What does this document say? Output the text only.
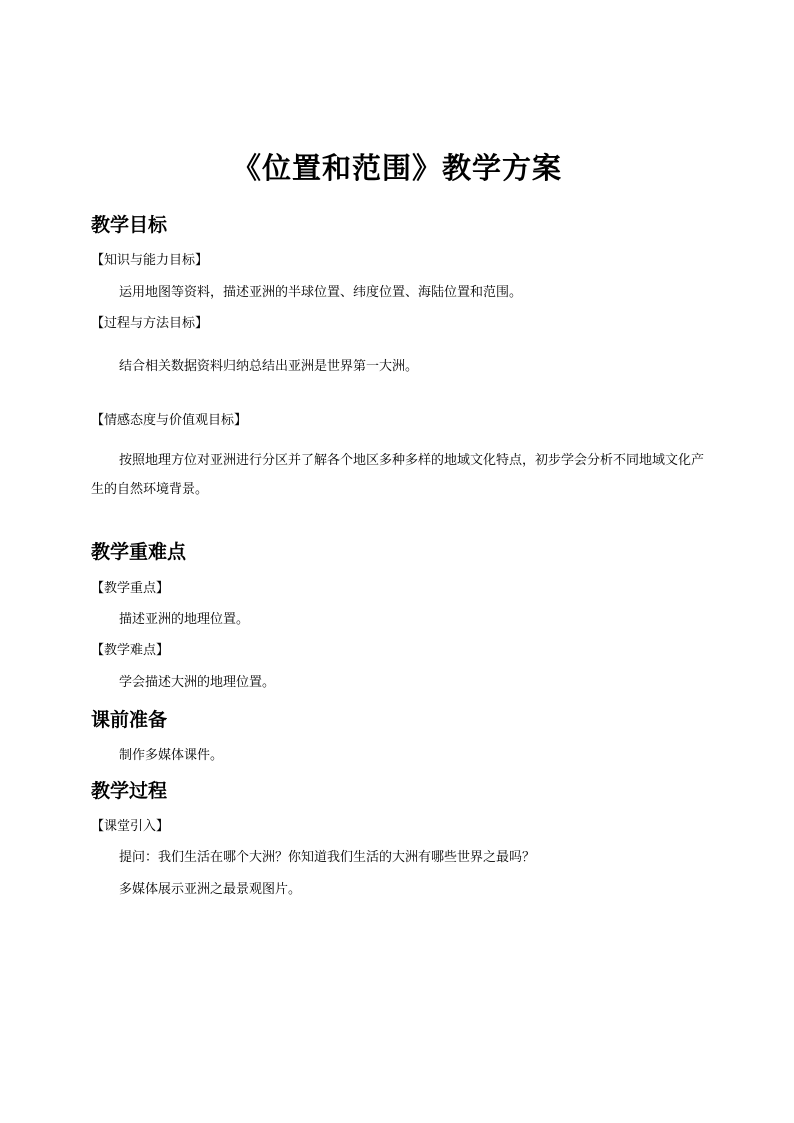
《位置和范围》教学方案
教学目标
【知识与能力目标】
运用地图等资料，描述亚洲的半球位置、纬度位置、海陆位置和范围。
【过程与方法目标】
结合相关数据资料归纳总结出亚洲是世界第一大洲。
【情感态度与价值观目标】
按照地理方位对亚洲进行分区并了解各个地区多种多样的地域文化特点，初步学会分析不同地域文化产生的自然环境背景。
教学重难点
【教学重点】
描述亚洲的地理位置。
【教学难点】
学会描述大洲的地理位置。
课前准备
制作多媒体课件。
教学过程
【课堂引入】
提问：我们生活在哪个大洲？你知道我们生活的大洲有哪些世界之最吗？
多媒体展示亚洲之最景观图片。
